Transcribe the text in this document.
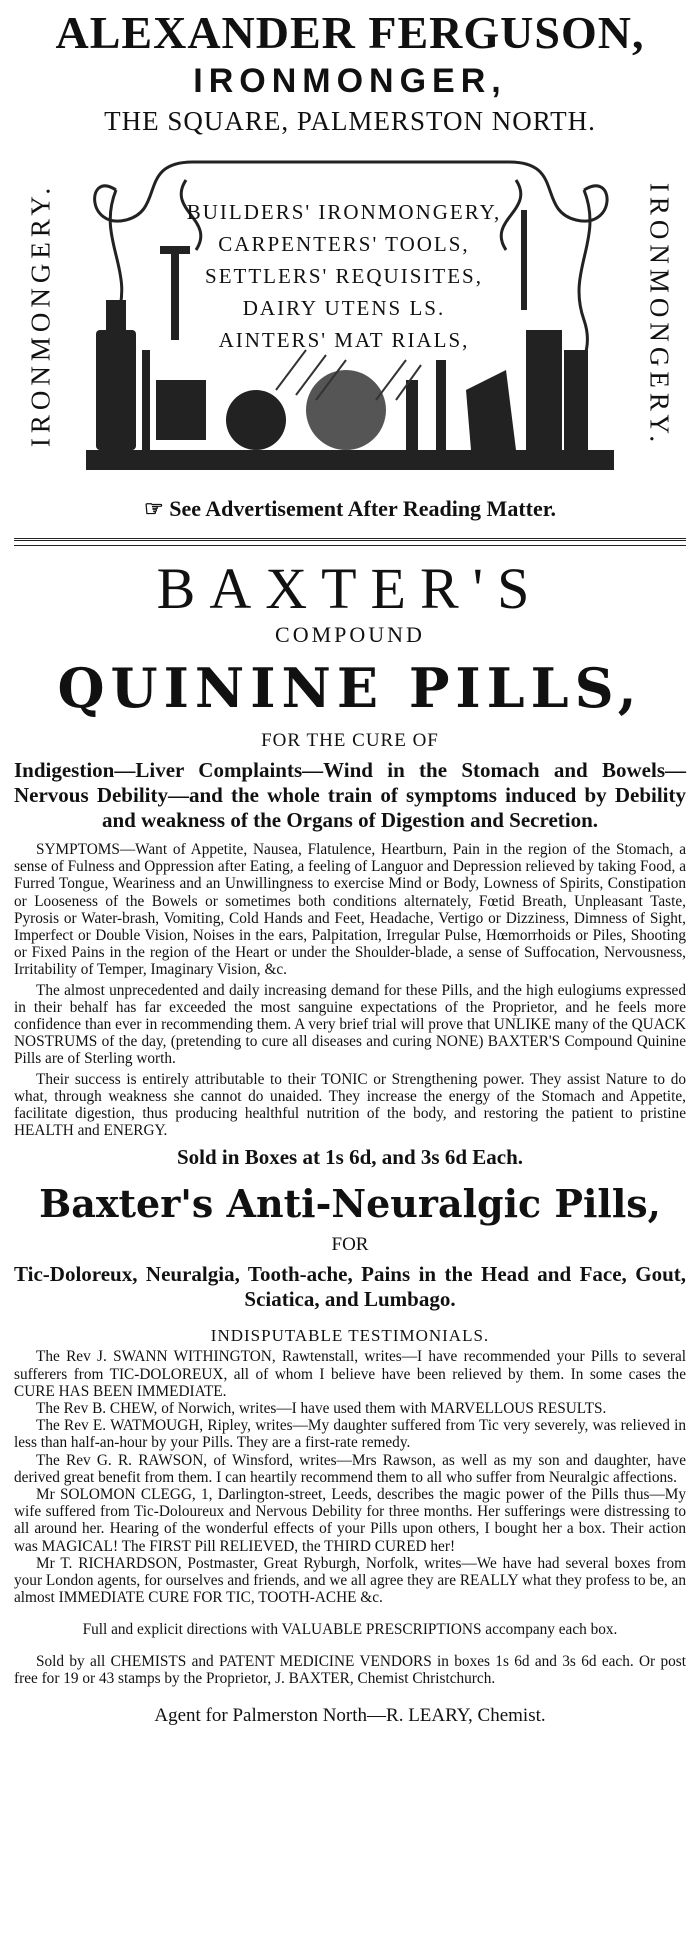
ALEXANDER FERGUSON,
IRONMONGER,
THE SQUARE, PALMERSTON NORTH.
IRONMONGERY.	IRONMONGERY.
BUILDERS' IRONMONGERY,
CARPENTERS' TOOLS,
SETTLERS' REQUISITES,
DAIRY UTENS LS.
AINTERS' MAT RIALS,
☞ See Advertisement After Reading Matter.
BAXTER'S
COMPOUND
QUININE PILLS,
FOR THE CURE OF
Indigestion—Liver Complaints—Wind in the Stomach and Bowels—Nervous Debility—and the whole train of symptoms induced by Debility and weakness of the Organs of Digestion and Secretion.

SYMPTOMS—Want of Appetite, Nausea, Flatulence, Heartburn, Pain in the region of the Stomach, a sense of Fulness and Oppression after Eating, a feeling of Languor and Depression relieved by taking Food, a Furred Tongue, Weariness and an Unwillingness to exercise Mind or Body, Lowness of Spirits, Constipation or Looseness of the Bowels or sometimes both conditions alternately, Fœtid Breath, Unpleasant Taste, Pyrosis or Water-brash, Vomiting, Cold Hands and Feet, Headache, Vertigo or Dizziness, Dimness of Sight, Imperfect or Double Vision, Noises in the ears, Palpitation, Irregular Pulse, Hœmorrhoids or Piles, Shooting or Fixed Pains in the region of the Heart or under the Shoulder-blade, a sense of Suffocation, Nervousness, Irritability of Temper, Imaginary Vision, &c.

The almost unprecedented and daily increasing demand for these Pills, and the high eulogiums expressed in their behalf has far exceeded the most sanguine expectations of the Proprietor, and he feels more confidence than ever in recommending them. A very brief trial will prove that UNLIKE many of the QUACK NOSTRUMS of the day, (pretending to cure all diseases and curing NONE) BAXTER'S Compound Quinine Pills are of Sterling worth.

Their success is entirely attributable to their TONIC or Strengthening power. They assist Nature to do what, through weakness she cannot do unaided. They increase the energy of the Stomach and Appetite, facilitate digestion, thus producing healthful nutrition of the body, and restoring the patient to pristine HEALTH and ENERGY.

Sold in Boxes at 1s 6d, and 3s 6d Each.
Baxter's Anti-Neuralgic Pills,
FOR
Tic-Doloreux, Neuralgia, Tooth-ache, Pains in the Head and Face, Gout, Sciatica, and Lumbago.
INDISPUTABLE TESTIMONIALS.

The Rev J. SWANN WITHINGTON, Rawtenstall, writes—I have recommended your Pills to several sufferers from TIC-DOLOREUX, all of whom I believe have been relieved by them. In some cases the CURE HAS BEEN IMMEDIATE.

The Rev B. CHEW, of Norwich, writes—I have used them with MARVELLOUS RESULTS.

The Rev E. WATMOUGH, Ripley, writes—My daughter suffered from Tic very severely, was relieved in less than half-an-hour by your Pills. They are a first-rate remedy.

The Rev G. R. RAWSON, of Winsford, writes—Mrs Rawson, as well as my son and daughter, have derived great benefit from them. I can heartily recommend them to all who suffer from Neuralgic affections.

Mr SOLOMON CLEGG, 1, Darlington-street, Leeds, describes the magic power of the Pills thus—My wife suffered from Tic-Doloureux and Nervous Debility for three months. Her sufferings were distressing to all around her. Hearing of the wonderful effects of your Pills upon others, I bought her a box. Their action was MAGICAL! The FIRST Pill RELIEVED, the THIRD CURED her!

Mr T. RICHARDSON, Postmaster, Great Ryburgh, Norfolk, writes—We have had several boxes from your London agents, for ourselves and friends, and we all agree they are REALLY what they profess to be, an almost IMMEDIATE CURE FOR TIC, TOOTH-ACHE &c.

Full and explicit directions with VALUABLE PRESCRIPTIONS accompany each box.

Sold by all CHEMISTS and PATENT MEDICINE VENDORS in boxes 1s 6d and 3s 6d each. Or post free for 19 or 43 stamps by the Proprietor, J. BAXTER, Chemist Christchurch.

Agent for Palmerston North—R. LEARY, Chemist.
